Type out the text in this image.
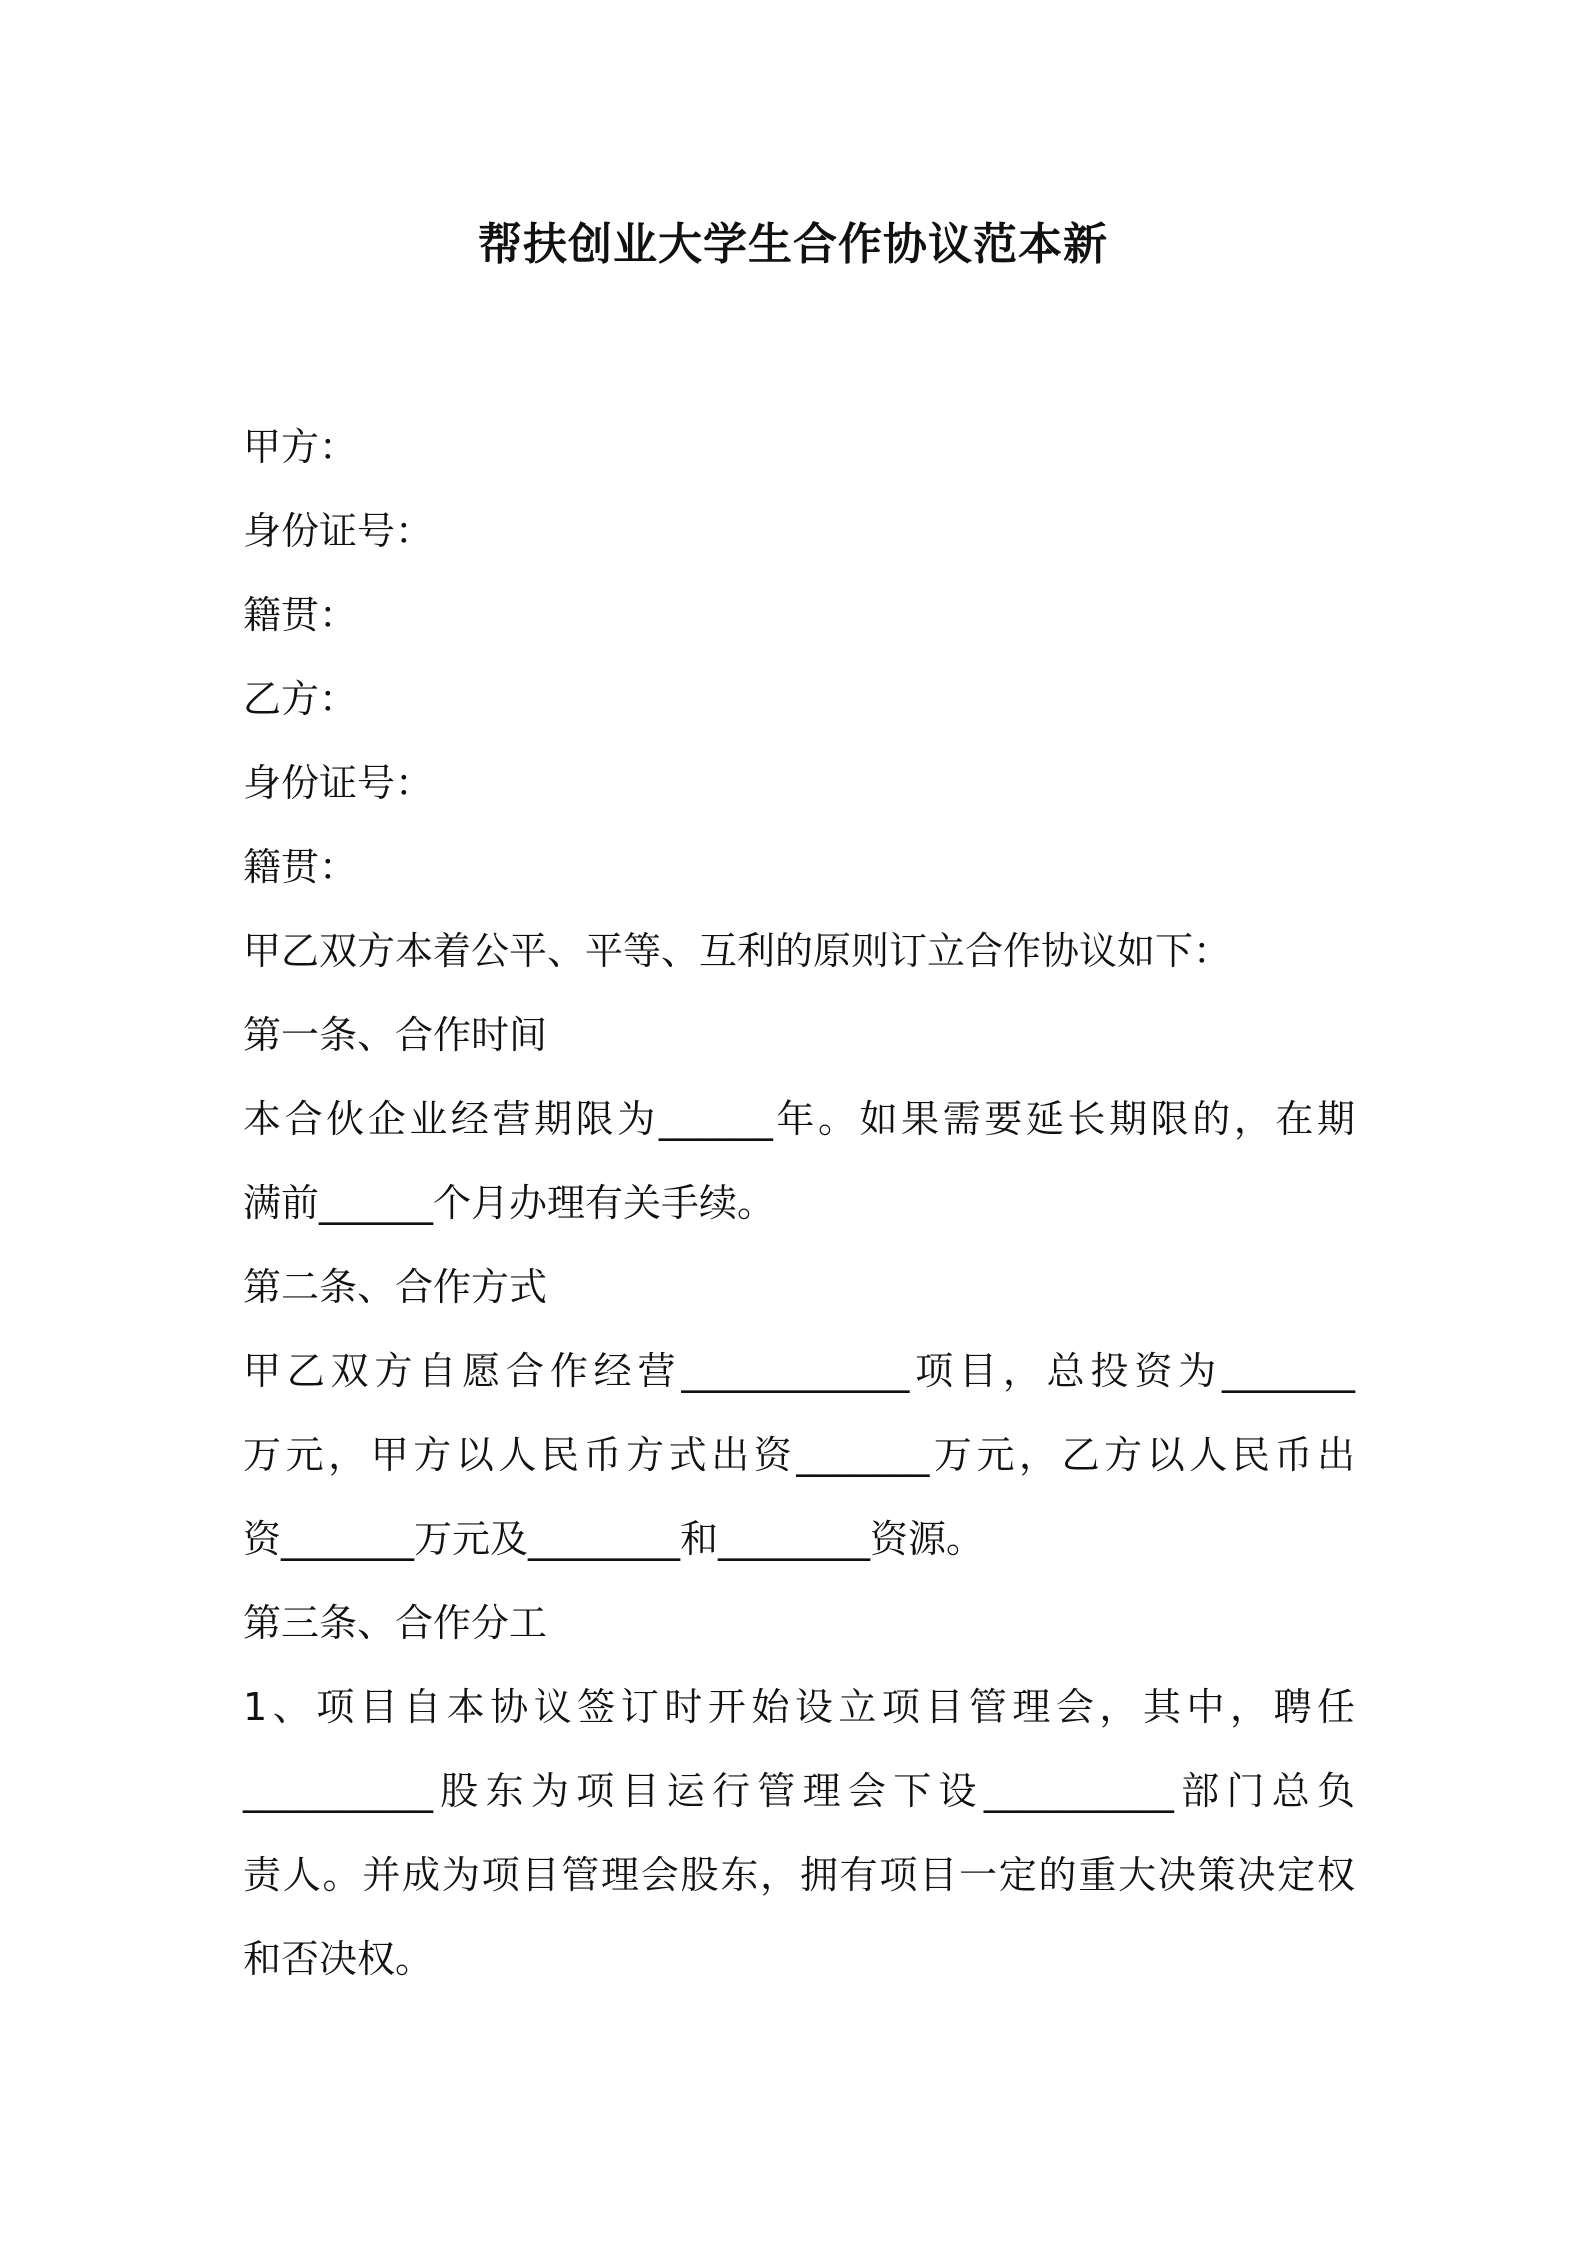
帮扶创业大学生合作协议范本新
甲方：
身份证号：
籍贯：
乙方：
身份证号：
籍贯：
甲乙双方本着公平、平等、互利的原则订立合作协议如下：
第一条、合作时间
本合伙企业经营期限为______年。如果需要延长期限的，在期
满前______个月办理有关手续。
第二条、合作方式
甲乙双方自愿合作经营____________项目，总投资为_______
万元，甲方以人民币方式出资_______万元，乙方以人民币出
资_______万元及________和________资源。
第三条、合作分工
1、项目自本协议签订时开始设立项目管理会，其中，聘任
__________股东为项目运行管理会下设__________部门总负
责人。并成为项目管理会股东，拥有项目一定的重大决策决定权
和否决权。
